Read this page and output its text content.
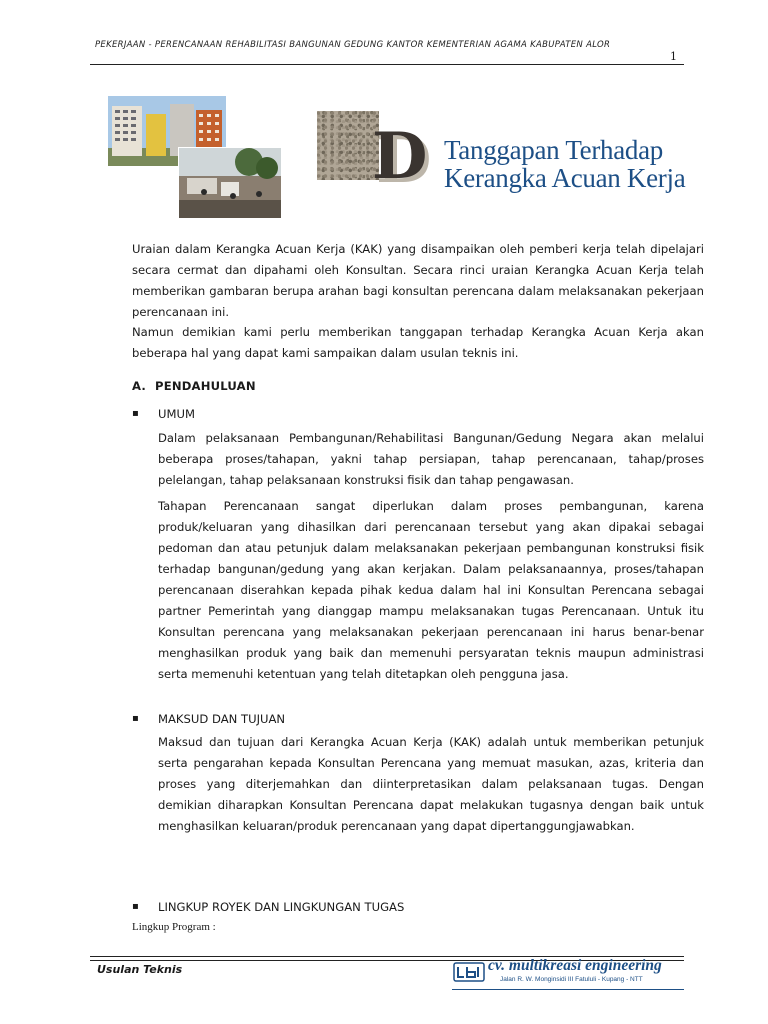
PEKERJAAN - PERENCANAAN REHABILITASI BANGUNAN GEDUNG KANTOR KEMENTERIAN AGAMA KABUPATEN ALOR
1
D Tanggapan Terhadap
Kerangka Acuan Kerja
Uraian dalam Kerangka Acuan Kerja (KAK) yang disampaikan oleh pemberi kerja telah dipelajari secara cermat dan dipahami oleh Konsultan. Secara rinci uraian Kerangka Acuan Kerja telah memberikan gambaran berupa arahan bagi konsultan perencana dalam melaksanakan pekerjaan perencanaan ini.
Namun demikian kami perlu memberikan tanggapan terhadap Kerangka Acuan Kerja akan beberapa hal yang dapat kami sampaikan dalam usulan teknis ini.
A. PENDAHULUAN
▪ UMUM
Dalam pelaksanaan Pembangunan/Rehabilitasi Bangunan/Gedung Negara akan melalui beberapa proses/tahapan, yakni tahap persiapan, tahap perencanaan, tahap/proses pelelangan, tahap pelaksanaan konstruksi fisik dan tahap pengawasan.
Tahapan Perencanaan sangat diperlukan dalam proses pembangunan, karena produk/keluaran yang dihasilkan dari perencanaan tersebut yang akan dipakai sebagai pedoman dan atau petunjuk dalam melaksanakan pekerjaan pembangunan konstruksi fisik terhadap bangunan/gedung yang akan kerjakan. Dalam pelaksanaannya, proses/tahapan perencanaan diserahkan kepada pihak kedua dalam hal ini Konsultan Perencana sebagai partner Pemerintah yang dianggap mampu melaksanakan tugas Perencanaan. Untuk itu Konsultan perencana yang melaksanakan pekerjaan perencanaan ini harus benar-benar menghasilkan produk yang baik dan memenuhi persyaratan teknis maupun administrasi serta memenuhi ketentuan yang telah ditetapkan oleh pengguna jasa.
▪ MAKSUD DAN TUJUAN
Maksud dan tujuan dari Kerangka Acuan Kerja (KAK) adalah untuk memberikan petunjuk serta pengarahan kepada Konsultan Perencana yang memuat masukan, azas, kriteria dan proses yang diterjemahkan dan diinterpretasikan dalam pelaksanaan tugas. Dengan demikian diharapkan Konsultan Perencana dapat melakukan tugasnya dengan baik untuk menghasilkan keluaran/produk perencanaan yang dapat dipertanggungjawabkan.
▪ LINGKUP ROYEK DAN LINGKUNGAN TUGAS
Lingkup Program :
Usulan Teknis	cv. multikreasi engineering
Jalan R. W. Monginsidi III Fatululi - Kupang - NTT
